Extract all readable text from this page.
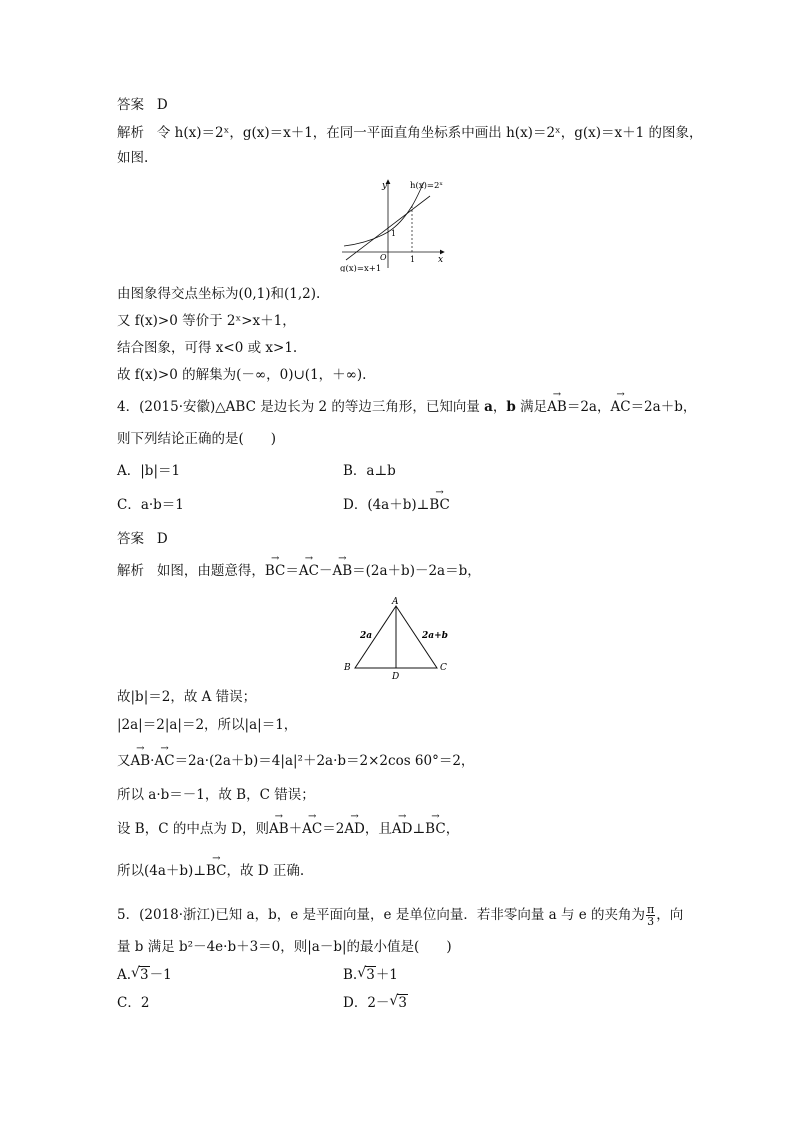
答案 D
解析 令 h(x)＝2ˣ，g(x)＝x＋1，在同一平面直角坐标系中画出 h(x)＝2ˣ，g(x)＝x＋1 的图象，
如图.
y
x
h(x)=2ˣ
g(x)=x+1
1
1
O
由图象得交点坐标为(0,1)和(1,2).
又 f(x)>0 等价于 2ˣ>x＋1，
结合图象，可得 x<0 或 x>1.
故 f(x)>0 的解集为(－∞，0)∪(1，＋∞).
4．(2015·安徽)△ABC 是边长为 2 的等边三角形，已知向量 a，b 满足→ AB＝2a，→ AC＝2a＋b，
则下列结论正确的是(　　)
A．|b|＝1	B．a⊥b
C．a·b＝1	D．(4a＋b)⊥→ BC
答案 D
解析 如图，由题意得，→ BC＝→ AC－→ AB＝(2a＋b)－2a＝b，
A
B	C
D
2a	2a+b
故|b|＝2，故 A 错误；
|2a|＝2|a|＝2，所以|a|＝1，
又→ AB·→ AC＝2a·(2a＋b)＝4|a|²＋2a·b＝2×2cos 60°＝2，
所以 a·b＝－1，故 B，C 错误；
设 B，C 的中点为 D，则→ AB＋→ AC＝2→ AD，且→ AD⊥→ BC，
所以(4a＋b)⊥→ BC，故 D 正确.
5．(2018·浙江)已知 a，b，e 是平面向量，e 是单位向量．若非零向量 a 与 e 的夹角为 $\frac{\pi}{3}$ ，向
量 b 满足 b²－4e·b＋3＝0，则|a－b|的最小值是(　　)
A. √ 3－1	B. √ 3＋1
C．2	D．2－ √ 3
